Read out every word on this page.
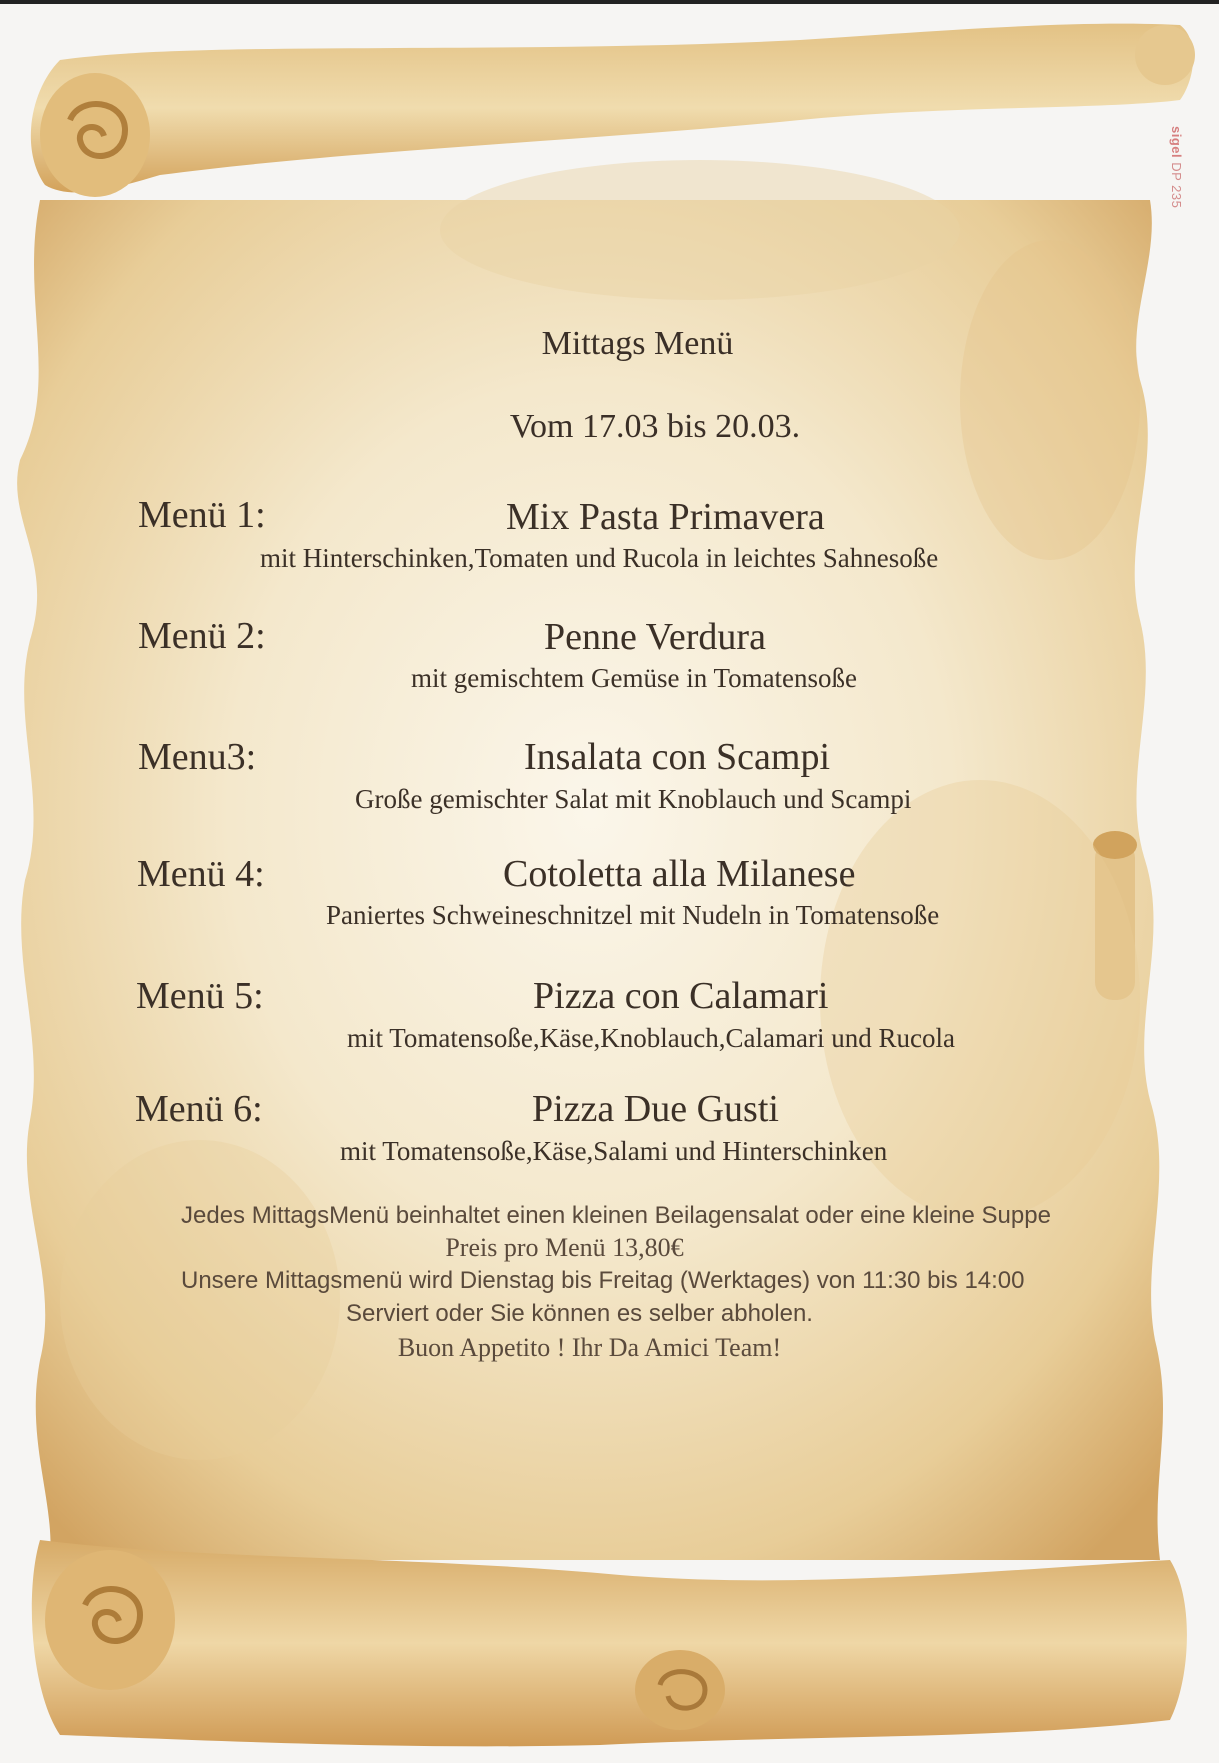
sigel DP 235
Mittags Menü
Vom 17.03 bis 20.03.
Menü 1:	Mix Pasta Primavera
mit Hinterschinken,Tomaten und Rucola in leichtes Sahnesoße
Menü 2:	Penne Verdura
mit gemischtem Gemüse in Tomatensoße
Menu3:	Insalata con Scampi
Große gemischter Salat mit Knoblauch und Scampi
Menü 4:	Cotoletta alla Milanese
Paniertes Schweineschnitzel mit Nudeln in Tomatensoße
Menü 5:	Pizza con Calamari
mit Tomatensoße,Käse,Knoblauch,Calamari und Rucola
Menü 6:	Pizza Due Gusti
mit Tomatensoße,Käse,Salami und Hinterschinken
Jedes MittagsMenü beinhaltet einen kleinen Beilagensalat oder eine kleine Suppe
Preis pro Menü 13,80€
Unsere Mittagsmenü wird Dienstag bis Freitag (Werktages) von 11:30 bis 14:00
Serviert oder Sie können es selber abholen.
Buon Appetito ! Ihr Da Amici Team!
